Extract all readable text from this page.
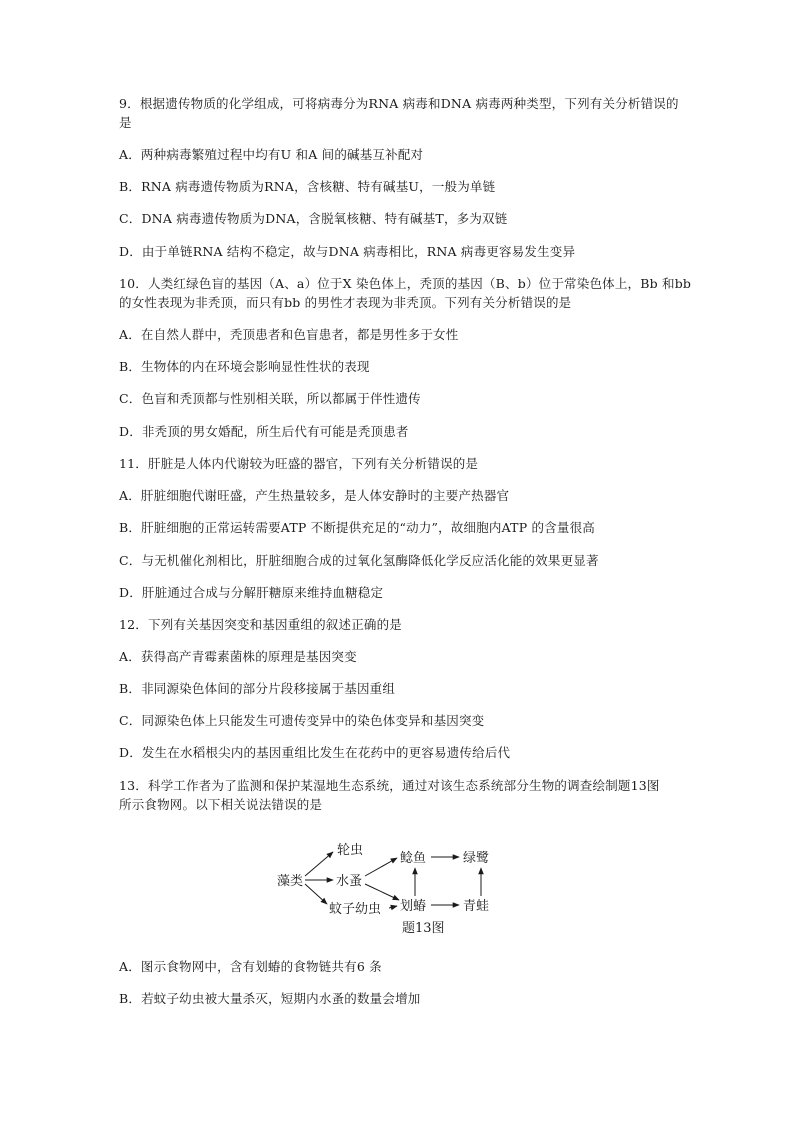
9．根据遗传物质的化学组成，可将病毒分为RNA 病毒和DNA 病毒两种类型，下列有关分析错误的
是
A．两种病毒繁殖过程中均有U 和A 间的碱基互补配对
B．RNA 病毒遗传物质为RNA，含核糖、特有碱基U，一般为单链
C．DNA 病毒遗传物质为DNA，含脱氧核糖、特有碱基T，多为双链
D．由于单链RNA 结构不稳定，故与DNA 病毒相比，RNA 病毒更容易发生变异
10．人类红绿色盲的基因（A、a）位于X 染色体上，秃顶的基因（B、b）位于常染色体上，Bb 和bb
的女性表现为非秃顶，而只有bb 的男性才表现为非秃顶。下列有关分析错误的是
A．在自然人群中，秃顶患者和色盲患者，都是男性多于女性
B．生物体的内在环境会影响显性性状的表现
C．色盲和秃顶都与性别相关联，所以都属于伴性遗传
D．非秃顶的男女婚配，所生后代有可能是秃顶患者
11．肝脏是人体内代谢较为旺盛的器官，下列有关分析错误的是
A．肝脏细胞代谢旺盛，产生热量较多，是人体安静时的主要产热器官
B．肝脏细胞的正常运转需要ATP 不断提供充足的“动力”，故细胞内ATP 的含量很高
C．与无机催化剂相比，肝脏细胞合成的过氧化氢酶降低化学反应活化能的效果更显著
D．肝脏通过合成与分解肝糖原来维持血糖稳定
12．下列有关基因突变和基因重组的叙述正确的是
A．获得高产青霉素菌株的原理是基因突变
B．非同源染色体间的部分片段移接属于基因重组
C．同源染色体上只能发生可遗传变异中的染色体变异和基因突变
D．发生在水稻根尖内的基因重组比发生在花药中的更容易遗传给后代
13．科学工作者为了监测和保护某湿地生态系统，通过对该生态系统部分生物的调查绘制题13图
所示食物网。以下相关说法错误的是
藻类
轮虫
水蚤
蚊子幼虫
鲶鱼	绿鹭
划蝽	青蛙
题13图
A．图示食物网中，含有划蝽的食物链共有6 条
B．若蚊子幼虫被大量杀灭，短期内水蚤的数量会增加
